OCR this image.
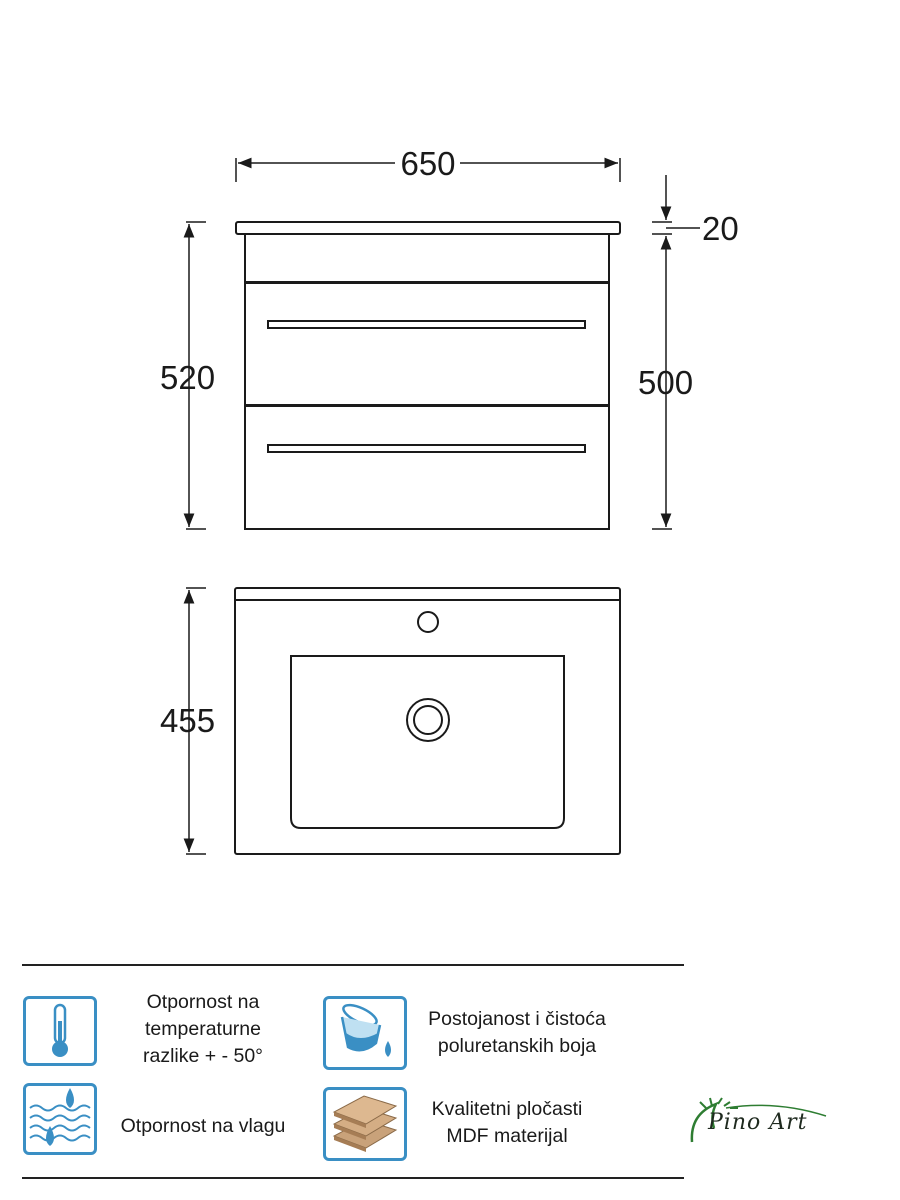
650
520
20
500
455
Otpornost na
temperaturne
razlike + - 50°
Postojanost i čistoća
poluretanskih boja
Otpornost na vlagu
Kvalitetni pločasti
MDF materijal
Pino Art
